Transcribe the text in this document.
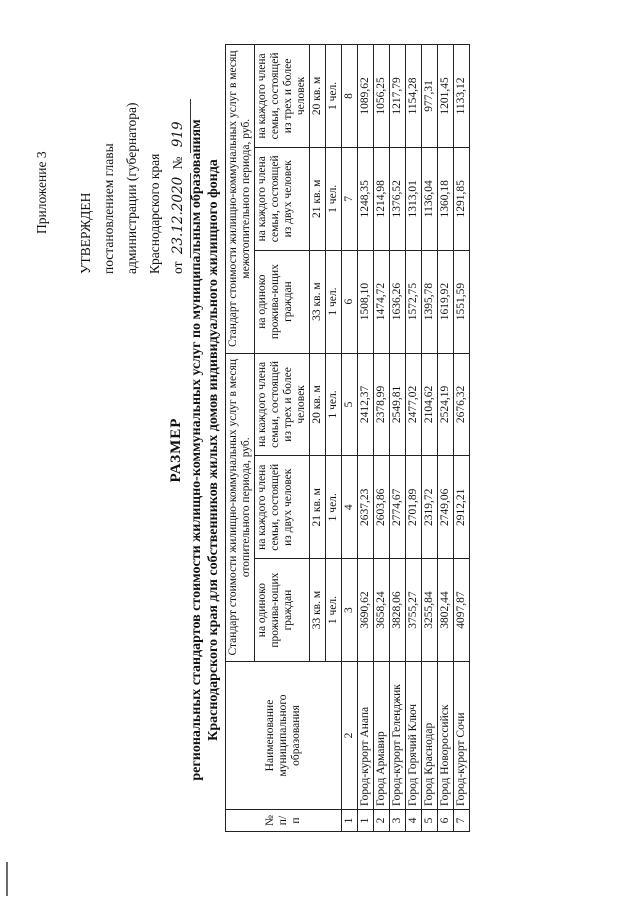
Приложение 3 УТВЕРЖДЕН постановлением главы администрации (губернатора) Краснодарского края от 23.12.2020 № 919
РАЗМЕР региональных стандартов стоимости жилищно-коммунальных услуг по муниципальным образованиям Краснодарского края для собственников жилых домов индивидуального жилищного фонда
№ п/п	Наименование муниципального образования	Стандарт стоимости жилищно-коммунальных услуг в месяц отопительного периода, руб.			Стандарт стоимости жилищно-коммунальных услуг в месяц межотопительного периода, руб.		
		на одиноко прожива-ющих граждан	на каждого члена семьи, состоящей из двух человек	на каждого члена семьи, состоящей из трех и более человек	на одиноко прожива-ющих граждан	на каждого члена семьи, состоящей из двух человек	на каждого члена семьи, состоящей из трех и более человек
		33 кв. м	21 кв. м	20 кв. м	33 кв. м	21 кв. м	20 кв. м
		1 чел.	1 чел.	1 чел.	1 чел.	1 чел.	1 чел.
1	2	3	4	5	6	7	8
1	Город-курорт Анапа	3690,62	2637,23	2412,37	1508,10	1248,35	1089,62
2	Город Армавир	3658,24	2603,86	2378,99	1474,72	1214,98	1056,25
3	Город-курорт Геленджик	3828,06	2774,67	2549,81	1636,26	1376,52	1217,79
4	Город Горячий Ключ	3755,27	2701,89	2477,02	1572,75	1313,01	1154,28
5	Город Краснодар	3255,84	2319,72	2104,62	1395,78	1136,04	977,31
6	Город Новороссийск	3802,44	2749,06	2524,19	1619,92	1360,18	1201,45
7	Город-курорт Сочи	4097,87	2912,21	2676,32	1551,59	1291,85	1133,12
